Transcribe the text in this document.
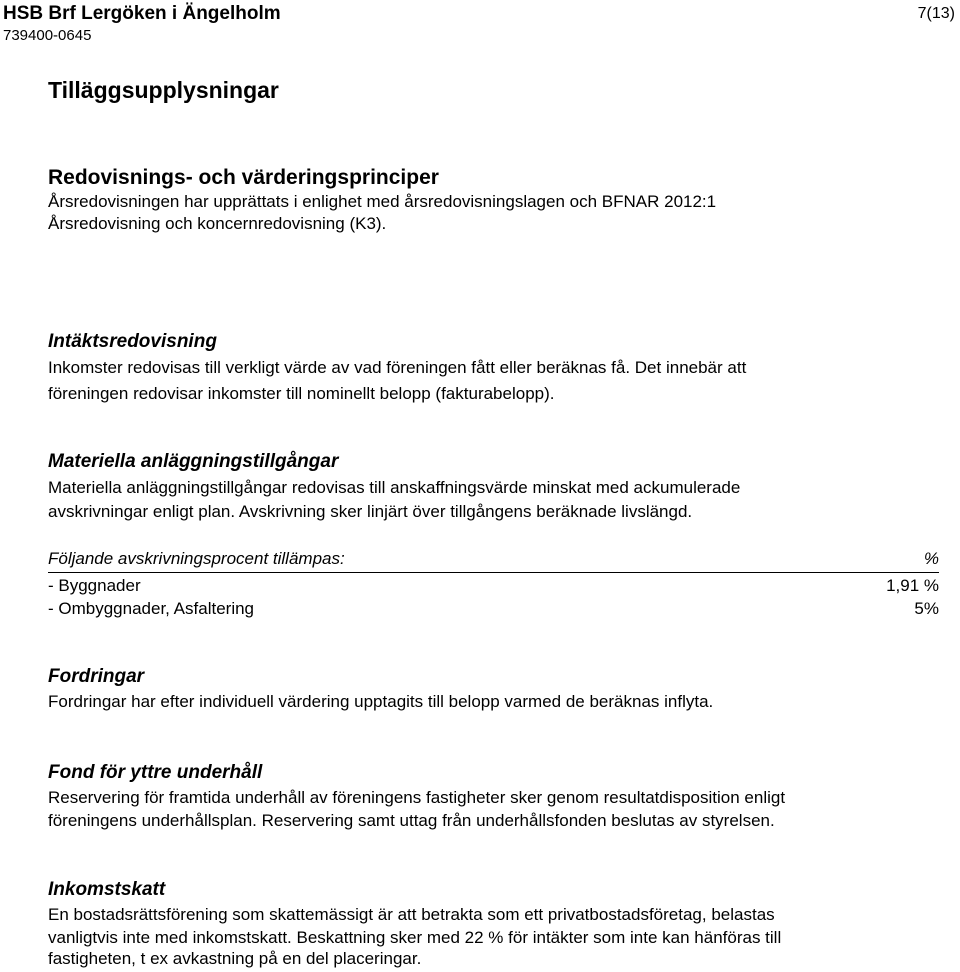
HSB Brf Lergöken i Ängelholm
739400-0645
7(13)
Tilläggsupplysningar
Redovisnings- och värderingsprinciper
Årsredovisningen har upprättats i enlighet med årsredovisningslagen och BFNAR 2012:1
Årsredovisning och koncernredovisning (K3).
Intäktsredovisning
Inkomster redovisas till verkligt värde av vad föreningen fått eller beräknas få. Det innebär att
föreningen redovisar inkomster till nominellt belopp (fakturabelopp).
Materiella anläggningstillgångar
Materiella anläggningstillgångar redovisas till anskaffningsvärde minskat med ackumulerade
avskrivningar enligt plan. Avskrivning sker linjärt över tillgångens beräknade livslängd.
Följande avskrivningsprocent tillämpas:	%
- Byggnader	1,91 %
- Ombyggnader, Asfaltering	5%
Fordringar
Fordringar har efter individuell värdering upptagits till belopp varmed de beräknas inflyta.
Fond för yttre underhåll
Reservering för framtida underhåll av föreningens fastigheter sker genom resultatdisposition enligt
föreningens underhållsplan. Reservering samt uttag från underhållsfonden beslutas av styrelsen.
Inkomstskatt
En bostadsrättsförening som skattemässigt är att betrakta som ett privatbostadsföretag, belastas
vanligtvis inte med inkomstskatt. Beskattning sker med 22 % för intäkter som inte kan hänföras till
fastigheten, t ex avkastning på en del placeringar.
